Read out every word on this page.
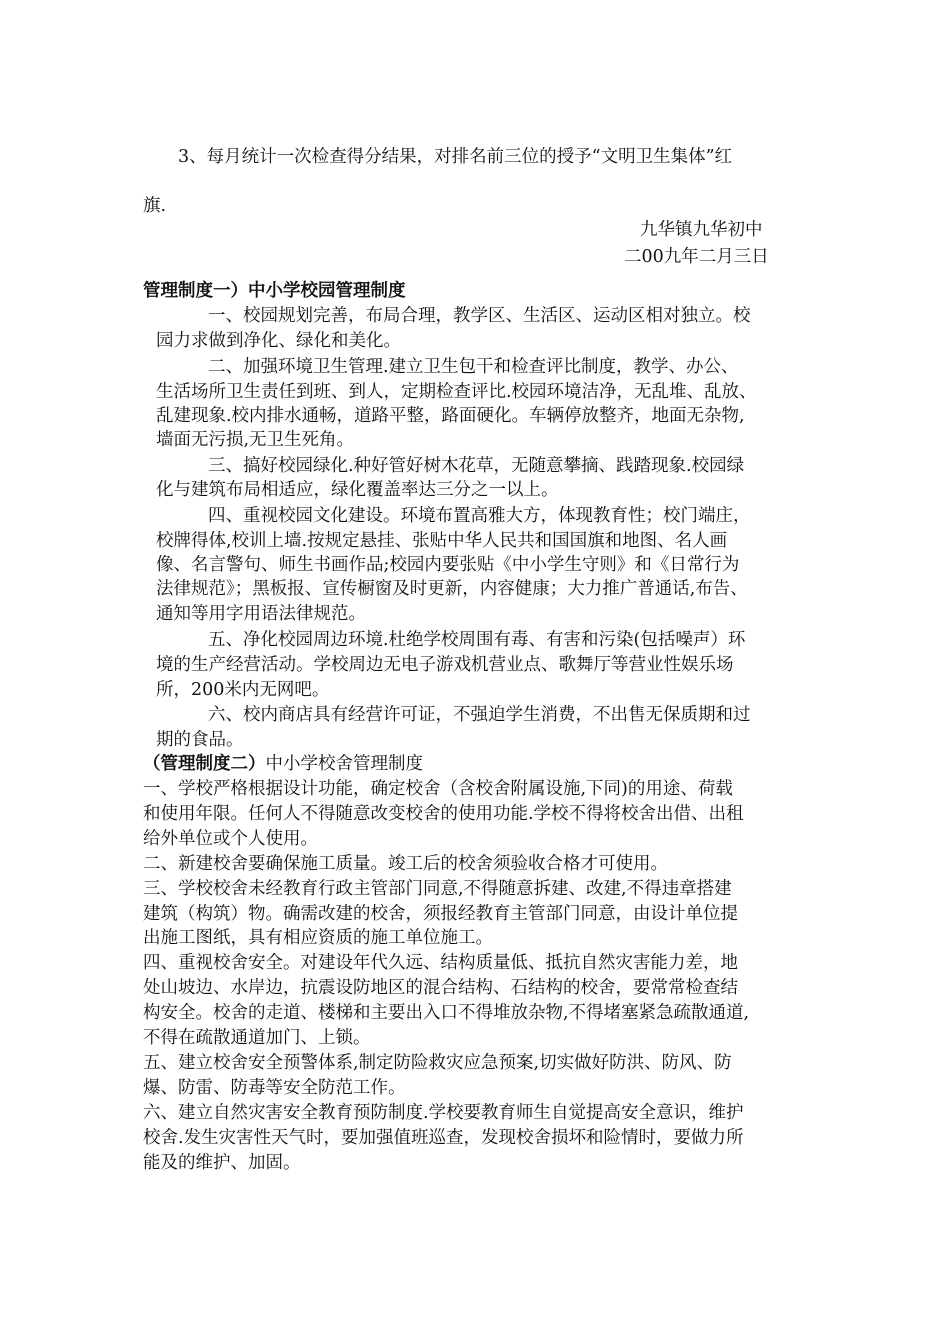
3、每月统计一次检查得分结果，对排名前三位的授予“文明卫生集体”红
旗.
九华镇九华初中
二00九年二月三日
管理制度一）中小学校园管理制度
一、校园规划完善，布局合理，教学区、生活区、运动区相对独立。校
园力求做到净化、绿化和美化。
二、加强环境卫生管理.建立卫生包干和检查评比制度，教学、办公、
生活场所卫生责任到班、到人，定期检查评比.校园环境洁净，无乱堆、乱放、
乱建现象.校内排水通畅，道路平整，路面硬化。车辆停放整齐，地面无杂物,
墙面无污损,无卫生死角。
三、搞好校园绿化.种好管好树木花草，无随意攀摘、践踏现象.校园绿
化与建筑布局相适应，绿化覆盖率达三分之一以上。
四、重视校园文化建设。环境布置高雅大方，体现教育性；校门端庄，
校牌得体,校训上墙.按规定悬挂、张贴中华人民共和国国旗和地图、名人画
像、名言警句、师生书画作品;校园内要张贴《中小学生守则》和《日常行为
法律规范》；黑板报、宣传橱窗及时更新，内容健康；大力推广普通话,布告、
通知等用字用语法律规范。
五、净化校园周边环境.杜绝学校周围有毒、有害和污染(包括噪声）环
境的生产经营活动。学校周边无电子游戏机营业点、歌舞厅等营业性娱乐场
所，200米内无网吧。
六、校内商店具有经营许可证，不强迫学生消费，不出售无保质期和过
期的食品。
（管理制度二）中小学校舍管理制度
一、学校严格根据设计功能，确定校舍（含校舍附属设施,下同)的用途、荷载
和使用年限。任何人不得随意改变校舍的使用功能.学校不得将校舍出借、出租
给外单位或个人使用。
二、新建校舍要确保施工质量。竣工后的校舍须验收合格才可使用。
三、学校校舍未经教育行政主管部门同意,不得随意拆建、改建,不得违章搭建
建筑（构筑）物。确需改建的校舍，须报经教育主管部门同意，由设计单位提
出施工图纸，具有相应资质的施工单位施工。
四、重视校舍安全。对建设年代久远、结构质量低、抵抗自然灾害能力差，地
处山坡边、水岸边，抗震设防地区的混合结构、石结构的校舍，要常常检查结
构安全。校舍的走道、楼梯和主要出入口不得堆放杂物,不得堵塞紧急疏散通道,
不得在疏散通道加门、上锁。
五、建立校舍安全预警体系,制定防险救灾应急预案,切实做好防洪、防风、防
爆、防雷、防毒等安全防范工作。
六、建立自然灾害安全教育预防制度.学校要教育师生自觉提高安全意识，维护
校舍.发生灾害性天气时，要加强值班巡查，发现校舍损坏和险情时，要做力所
能及的维护、加固。
